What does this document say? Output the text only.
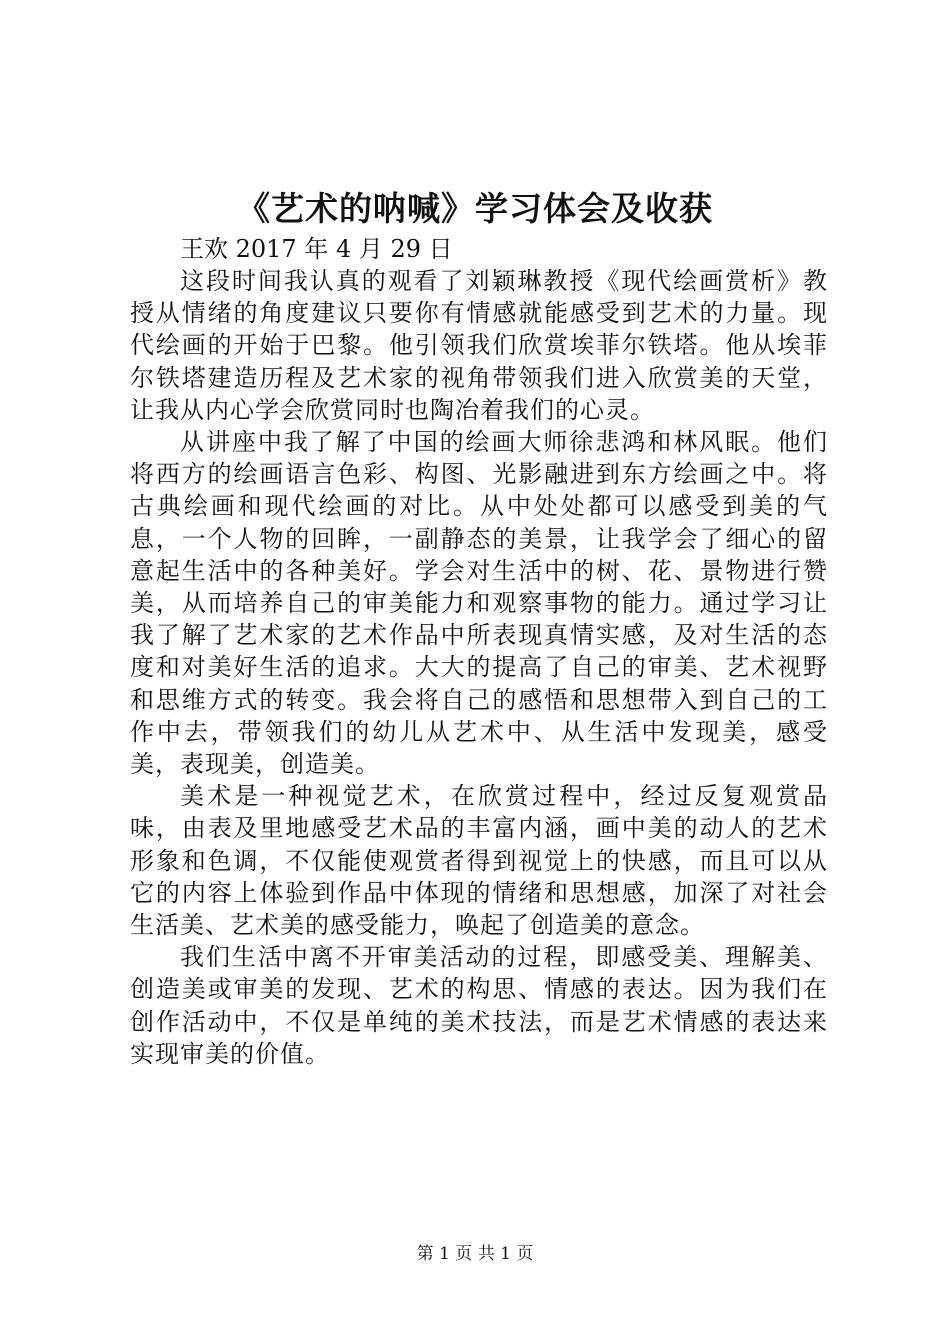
《艺术的呐喊》学习体会及收获

王欢 2017 年 4 月 29 日

这段时间我认真的观看了刘颖琳教授《现代绘画赏析》教授从情绪的角度建议只要你有情感就能感受到艺术的力量。现代绘画的开始于巴黎。他引领我们欣赏埃菲尔铁塔。他从埃菲尔铁塔建造历程及艺术家的视角带领我们进入欣赏美的天堂，让我从内心学会欣赏同时也陶冶着我们的心灵。

从讲座中我了解了中国的绘画大师徐悲鸿和林风眠。他们将西方的绘画语言色彩、构图、光影融进到东方绘画之中。将古典绘画和现代绘画的对比。从中处处都可以感受到美的气息，一个人物的回眸，一副静态的美景，让我学会了细心的留意起生活中的各种美好。学会对生活中的树、花、景物进行赞美，从而培养自己的审美能力和观察事物的能力。通过学习让我了解了艺术家的艺术作品中所表现真情实感，及对生活的态度和对美好生活的追求。大大的提高了自己的审美、艺术视野和思维方式的转变。我会将自己的感悟和思想带入到自己的工作中去，带领我们的幼儿从艺术中、从生活中发现美，感受美，表现美，创造美。

美术是一种视觉艺术，在欣赏过程中，经过反复观赏品味，由表及里地感受艺术品的丰富内涵，画中美的动人的艺术形象和色调，不仅能使观赏者得到视觉上的快感，而且可以从它的内容上体验到作品中体现的情绪和思想感，加深了对社会生活美、艺术美的感受能力，唤起了创造美的意念。

我们生活中离不开审美活动的过程，即感受美、理解美、创造美或审美的发现、艺术的构思、情感的表达。因为我们在创作活动中，不仅是单纯的美术技法，而是艺术情感的表达来实现审美的价值。

第 1 页 共 1 页
